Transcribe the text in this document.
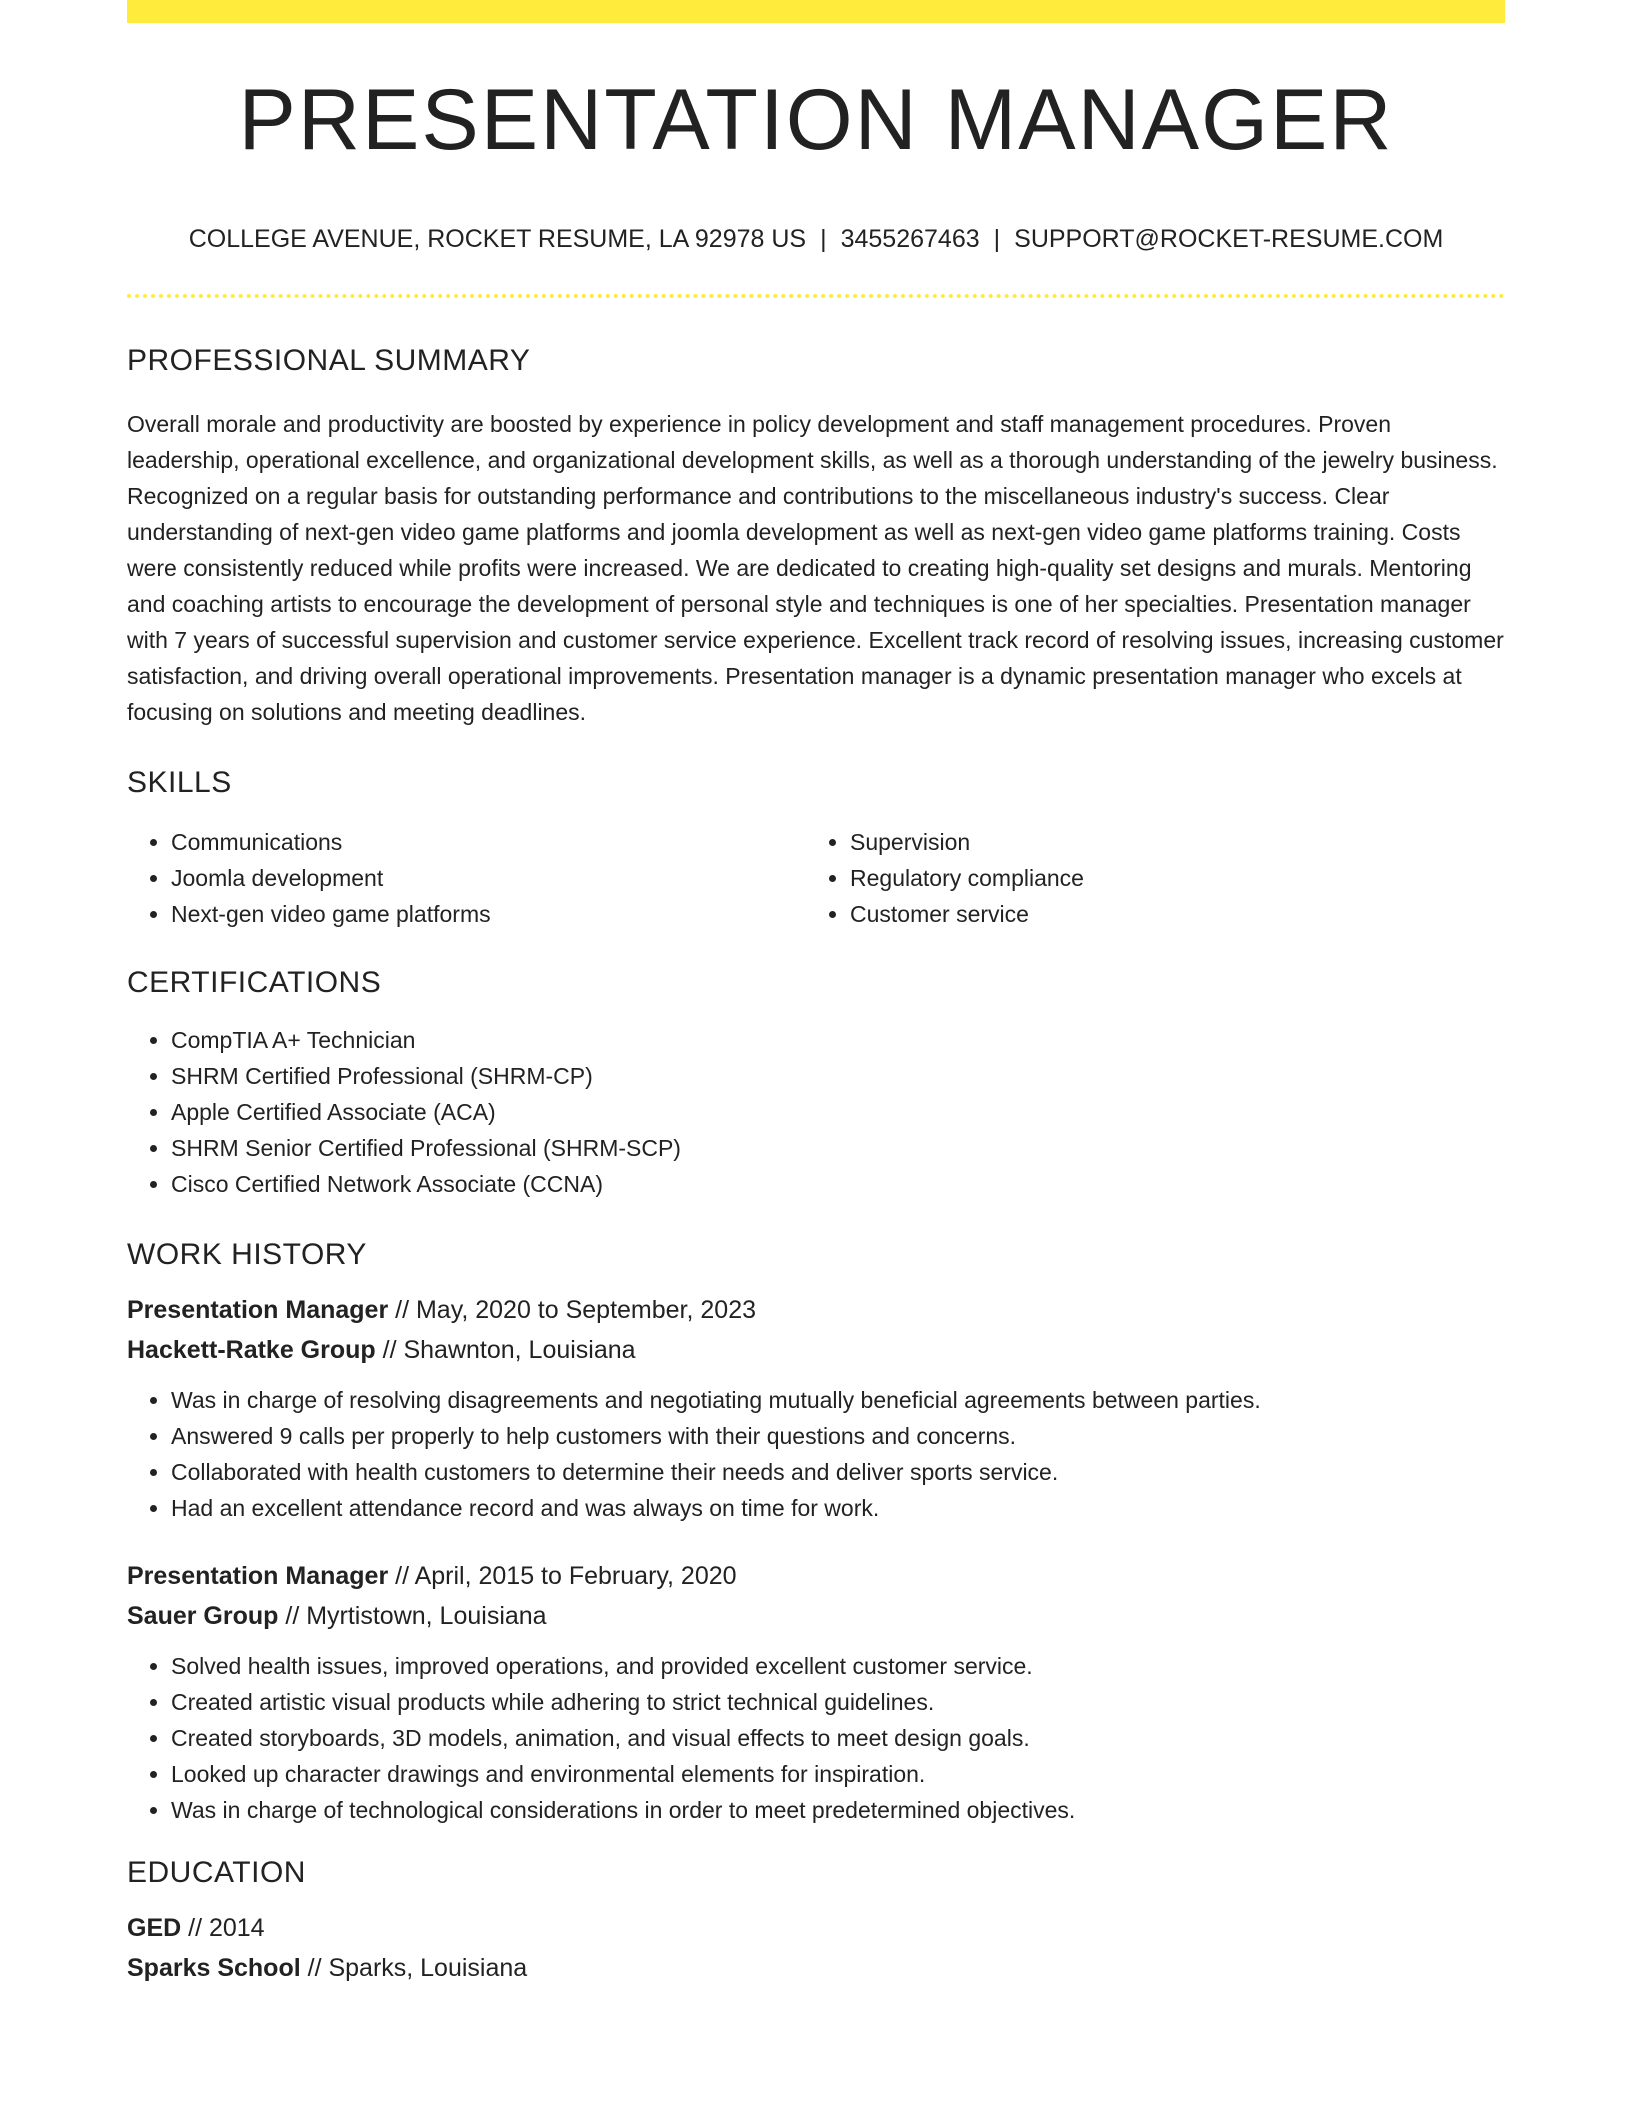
PRESENTATION MANAGER
COLLEGE AVENUE, ROCKET RESUME, LA 92978 US | 3455267463 | SUPPORT@ROCKET-RESUME.COM
PROFESSIONAL SUMMARY
Overall morale and productivity are boosted by experience in policy development and staff management procedures. Proven leadership, operational excellence, and organizational development skills, as well as a thorough understanding of the jewelry business. Recognized on a regular basis for outstanding performance and contributions to the miscellaneous industry's success. Clear understanding of next-gen video game platforms and joomla development as well as next-gen video game platforms training. Costs were consistently reduced while profits were increased. We are dedicated to creating high-quality set designs and murals. Mentoring and coaching artists to encourage the development of personal style and techniques is one of her specialties. Presentation manager with 7 years of successful supervision and customer service experience. Excellent track record of resolving issues, increasing customer satisfaction, and driving overall operational improvements. Presentation manager is a dynamic presentation manager who excels at focusing on solutions and meeting deadlines.
SKILLS
• Communications
• Joomla development
• Next-gen video game platforms
• Supervision
• Regulatory compliance
• Customer service
CERTIFICATIONS
• CompTIA A+ Technician
• SHRM Certified Professional (SHRM-CP)
• Apple Certified Associate (ACA)
• SHRM Senior Certified Professional (SHRM-SCP)
• Cisco Certified Network Associate (CCNA)
WORK HISTORY
Presentation Manager // May, 2020 to September, 2023
Hackett-Ratke Group // Shawnton, Louisiana
• Was in charge of resolving disagreements and negotiating mutually beneficial agreements between parties.
• Answered 9 calls per properly to help customers with their questions and concerns.
• Collaborated with health customers to determine their needs and deliver sports service.
• Had an excellent attendance record and was always on time for work.
Presentation Manager // April, 2015 to February, 2020
Sauer Group // Myrtistown, Louisiana
• Solved health issues, improved operations, and provided excellent customer service.
• Created artistic visual products while adhering to strict technical guidelines.
• Created storyboards, 3D models, animation, and visual effects to meet design goals.
• Looked up character drawings and environmental elements for inspiration.
• Was in charge of technological considerations in order to meet predetermined objectives.
EDUCATION
GED // 2014
Sparks School // Sparks, Louisiana
